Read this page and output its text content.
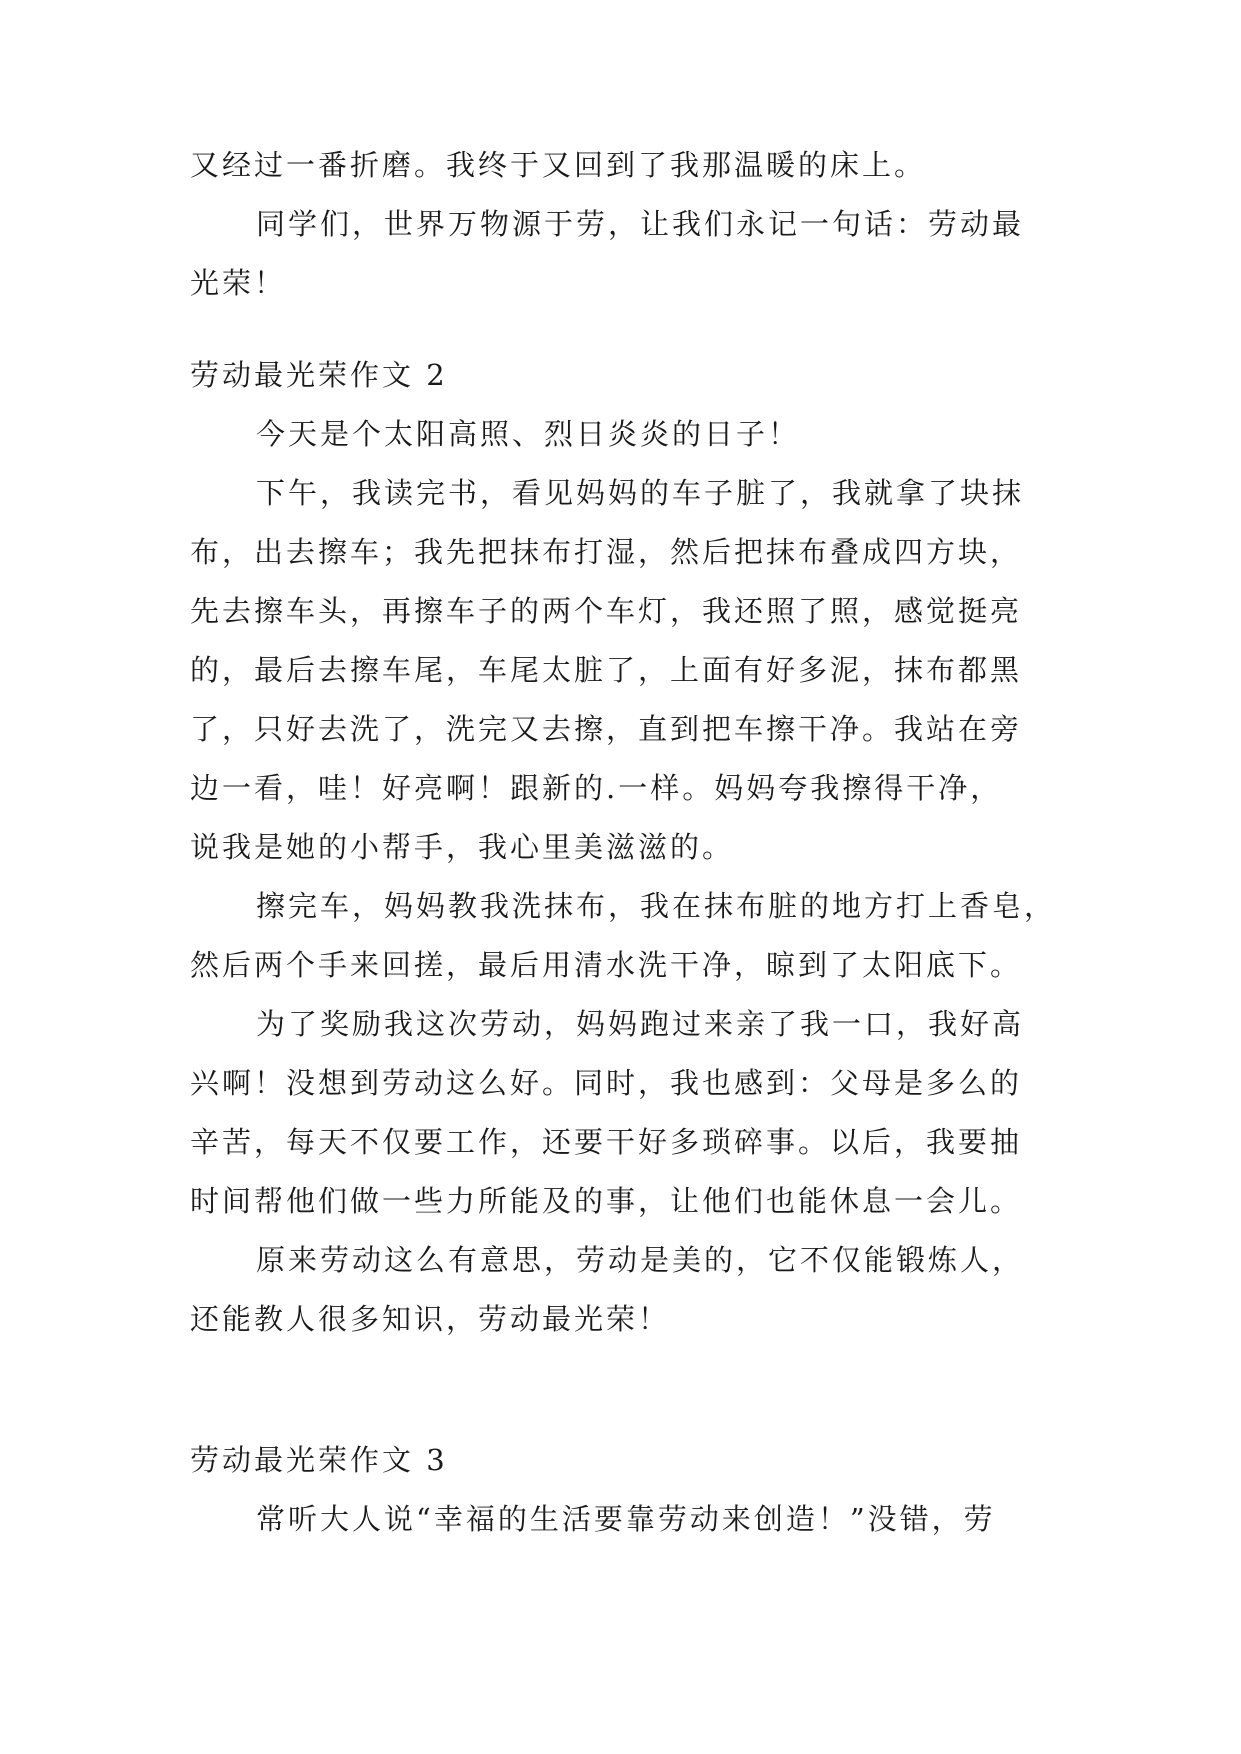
又经过一番折磨。我终于又回到了我那温暖的床上。
同学们，世界万物源于劳，让我们永记一句话：劳动最
光荣！
劳动最光荣作文 2
今天是个太阳高照、烈日炎炎的日子！
下午，我读完书，看见妈妈的车子脏了，我就拿了块抹
布，出去擦车；我先把抹布打湿，然后把抹布叠成四方块，
先去擦车头，再擦车子的两个车灯，我还照了照，感觉挺亮
的，最后去擦车尾，车尾太脏了，上面有好多泥，抹布都黑
了，只好去洗了，洗完又去擦，直到把车擦干净。我站在旁
边一看，哇！好亮啊！跟新的.一样。妈妈夸我擦得干净，
说我是她的小帮手，我心里美滋滋的。
擦完车，妈妈教我洗抹布，我在抹布脏的地方打上香皂，
然后两个手来回搓，最后用清水洗干净，晾到了太阳底下。
为了奖励我这次劳动，妈妈跑过来亲了我一口，我好高
兴啊！没想到劳动这么好。同时，我也感到：父母是多么的
辛苦，每天不仅要工作，还要干好多琐碎事。以后，我要抽
时间帮他们做一些力所能及的事，让他们也能休息一会儿。
原来劳动这么有意思，劳动是美的，它不仅能锻炼人，
还能教人很多知识，劳动最光荣！
劳动最光荣作文 3
常听大人说“幸福的生活要靠劳动来创造！”没错，劳
